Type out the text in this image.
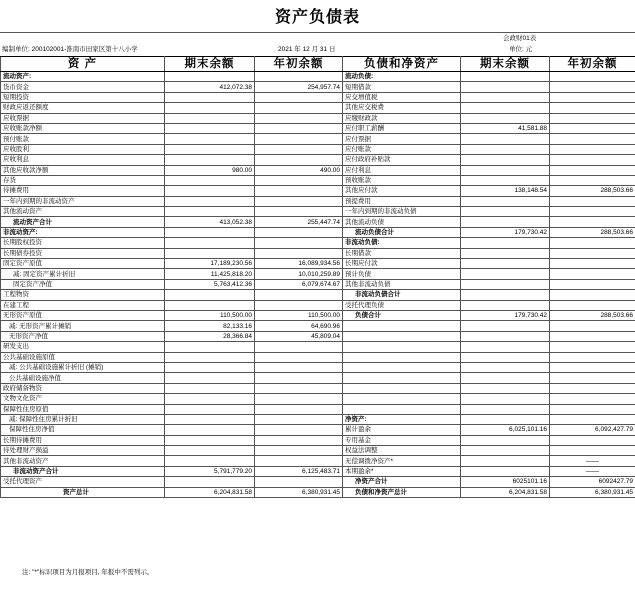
资产负债表
会政财01表
编制单位: 200102001-淮南市田家区第十八小学	2021 年 12 月 31 日	单位: 元
资 产	期末余额	年初余额	负债和净资产	期末余额	年初余额
流动资产:			流动负债:		
货币资金	412,072.38	254,957.74	短期借款		
短期投资			应交增值税		
财政应返还额度			其他应交税费		
应收票据			应缴财政款		
应收账款净额			应付职工薪酬	41,581.88	
预付账款			应付票据		
应收股利			应付账款		
应收利息			应付政府补贴款		
其他应收款净额	980.00	490.00	应付利息		
存货			预收账款		
待摊费用			其他应付款	138,148.54	288,503.66
一年内到期的非流动资产			预提费用		
其他流动资产			一年内到期的非流动负债		
流动资产合计	413,052.38	255,447.74	其他流动负债		
非流动资产:			流动负债合计	179,730.42	288,503.66
长期股权投资			非流动负债:		
长期债券投资			长期借款		
固定资产原值	17,189,230.56	16,089,934.56	长期应付款		
减: 固定资产累计折旧	11,425,818.20	10,010,259.89	预计负债		
固定资产净值	5,763,412.36	6,079,674.67	其他非流动负债		
工程物资			非流动负债合计		
在建工程			受托代理负债		
无形资产原值	110,500.00	110,500.00	负债合计	179,730.42	288,503.66
减: 无形资产累计摊销	82,133.16	64,690.96			
无形资产净值	28,366.84	45,809.04			
研发支出					
公共基础设施原值					
减: 公共基础设施累计折旧 (摊销)					
公共基础设施净值					
政府储备物资					
文物文化资产					
保障性住房原值					
减: 保障性住房累计折旧			净资产:		
保障性住房净值			累计盈余	6,025,101.16	6,092,427.79
长期待摊费用			专用基金		
待处理财产损溢			权益法调整		
其他非流动资产			无偿调拨净资产*		——
非流动资产合计	5,791,779.20	6,125,483.71	本期盈余*		——
受托代理资产			净资产合计	6025101.16	6092427.79
资产总计	6,204,831.58	6,380,931.45	负债和净资产总计	6,204,831.58	6,380,931.45
注: "*"标识项目为月报项目, 年报中不需列示。
